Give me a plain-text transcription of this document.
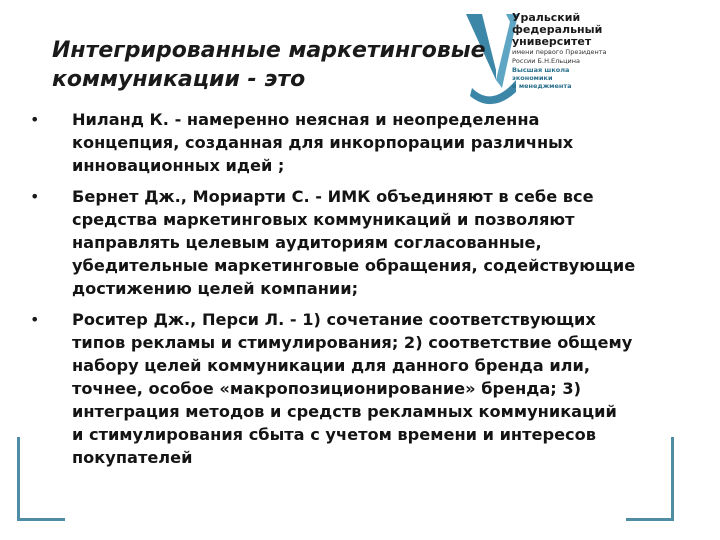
Уральский
федеральный
университет
имени первого Президента
России Б.Н.Ельцина
Высшая школа
экономики
и менеджмента
Интегрированные маркетинговые
коммуникации - это
• Ниланд К. - намеренно неясная и неопределенна
концепция, созданная для инкорпорации различных
инновационных идей ;
• Бернет Дж., Мориарти С. - ИМК объединяют в себе все
средства маркетинговых коммуникаций и позволяют
направлять целевым аудиториям согласованные,
убедительные маркетинговые обращения, содействующие
достижению целей компании;
• Роситер Дж., Перси Л. - 1) сочетание соответствующих
типов рекламы и стимулирования; 2) соответствие общему
набору целей коммуникации для данного бренда или,
точнее, особое «макропозиционирование» бренда; 3)
интеграция методов и средств рекламных коммуникаций
и стимулирования сбыта с учетом времени и интересов
покупателей
